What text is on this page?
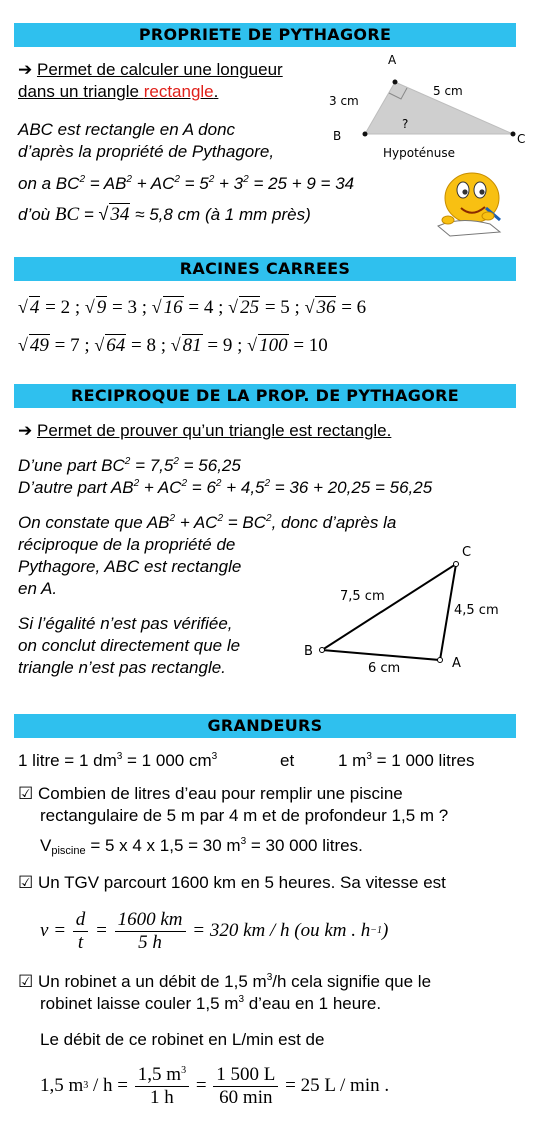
PROPRIETE DE PYTHAGORE
➔ Permet de calculer une longueur
dans un triangle rectangle.
ABC est rectangle en A donc
d’après la propriété de Pythagore,
on a $BC^2 = AB^2 + AC^2 = 5^2 + 3^2 = 25 + 9 = 34$
d’où BC = √ 34 ≈ 5,8 cm (à 1 mm près)
A
B	C
3 cm
5 cm
?
Hypoténuse
RACINES CARREES
√ 4 = 2 ; √ 9 = 3 ; √ 16 = 4 ; √ 25 = 5 ; √ 36 = 6
√ 49 = 7 ; √ 64 = 8 ; √ 81 = 9 ; √ 100 = 10
RECIPROQUE DE LA PROP. DE PYTHAGORE
➔ Permet de prouver qu’un triangle est rectangle.
D’une part $BC^2 = 7,5^2 = 56,25$
D’autre part $AB^2 + AC^2 = 6^2 + 4,5^2 = 36 + 20,25 = 56,25$
On constate que $AB^2 + AC^2 = BC^2$, donc d’après la
réciproque de la propriété de
Pythagore, ABC est rectangle
en A.
Si l’égalité n’est pas vérifiée,
on conclut directement que le
triangle n’est pas rectangle.
C
B
A
7,5 cm
4,5 cm
6 cm
GRANDEURS
1 litre = 1 $dm^3 = 1$ 000 $cm^3$	et	1 $m^3 = 1$ 000 litres
☑ Combien de litres d’eau pour remplir une piscine
rectangulaire de 5 m par 4 m et de profondeur 1,5 m ?
$V_{piscine} = 5$ x 4 x 1,5 = 30 $m^3 = 30$ 000 litres.
☑ Un TGV parcourt 1600 km en 5 heures. Sa vitesse est
$v = \frac{d}{t} = \frac{1600 km}{5 h} = 320$ km / h (ou km . h −1 )
☑ Un robinet a un débit de 1,5 $m^3/h$ cela signifie que le
robinet laisse couler 1,5 $m^3$ d’eau en 1 heure.
Le débit de ce robinet en L/min est de
1,5 m $3 / h = \frac{1,5 m^3}{1 h} = \frac{1 500 L}{60 \min} = 25$ L / min .
